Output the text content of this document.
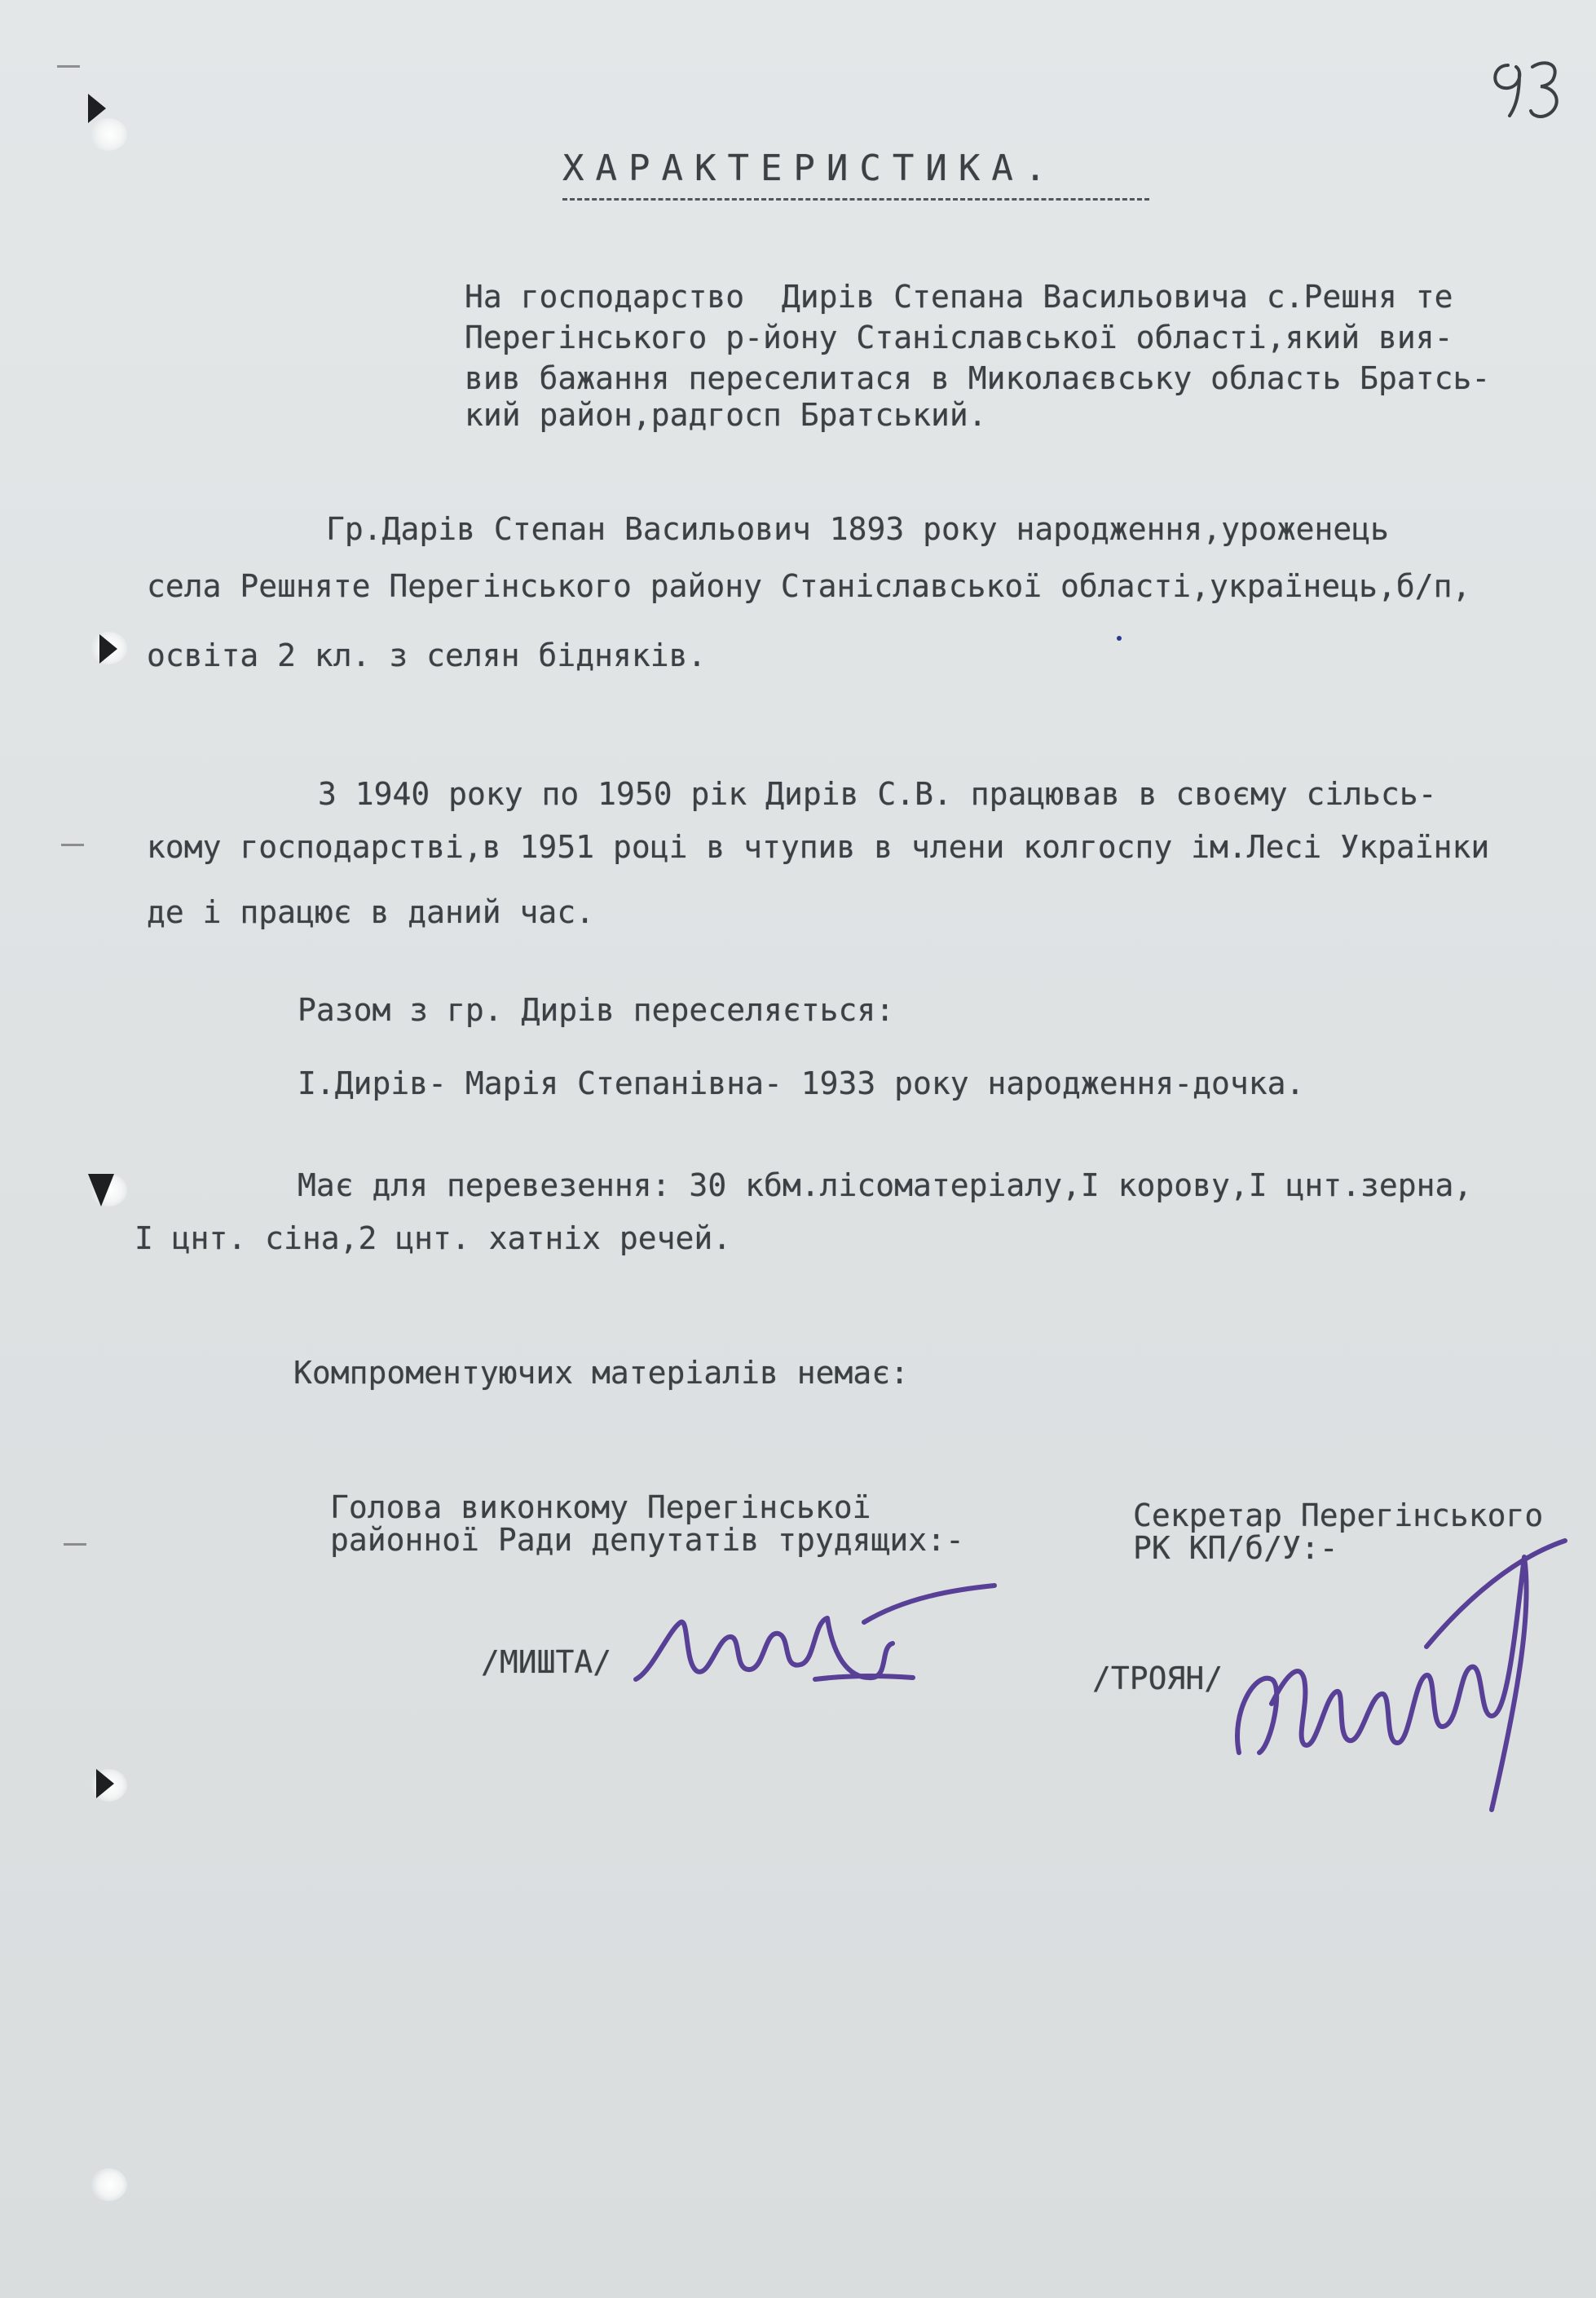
ХАРАКТЕРИСТИКА.
На господарство  Дирів Степана Васильовича с.Решня те
Перегінського р-йону Станіславської області,який вия-
вив бажання переселитася в Миколаєвську область Братсь-
кий район,радгосп Братський.
Гр.Дарів Степан Васильович 1893 року народження,уроженець
села Решняте Перегінського району Станіславської області,українець,б/п,
освіта 2 кл. з селян бідняків.
З 1940 року по 1950 рік Дирів С.В. працював в своєму сільсь-
кому господарстві,в 1951 році в чтупив в члени колгоспу ім.Лесі Українки
де і працює в даний час.
Разом з гр. Дирів переселяється:
I.Дирів- Марія Степанівна- 1933 року народження-дочка.
Має для перевезення: 30 кбм.лісоматеріалу,I корову,I цнт.зерна,
I цнт. сіна,2 цнт. хатніх речей.
Компроментуючих матеріалів немає:
Голова виконкому Перегінської
районної Ради депутатів трудящих:-
/МИШТА/
Секретар Перегінського
РК КП/б/У:-
/ТРОЯН/
